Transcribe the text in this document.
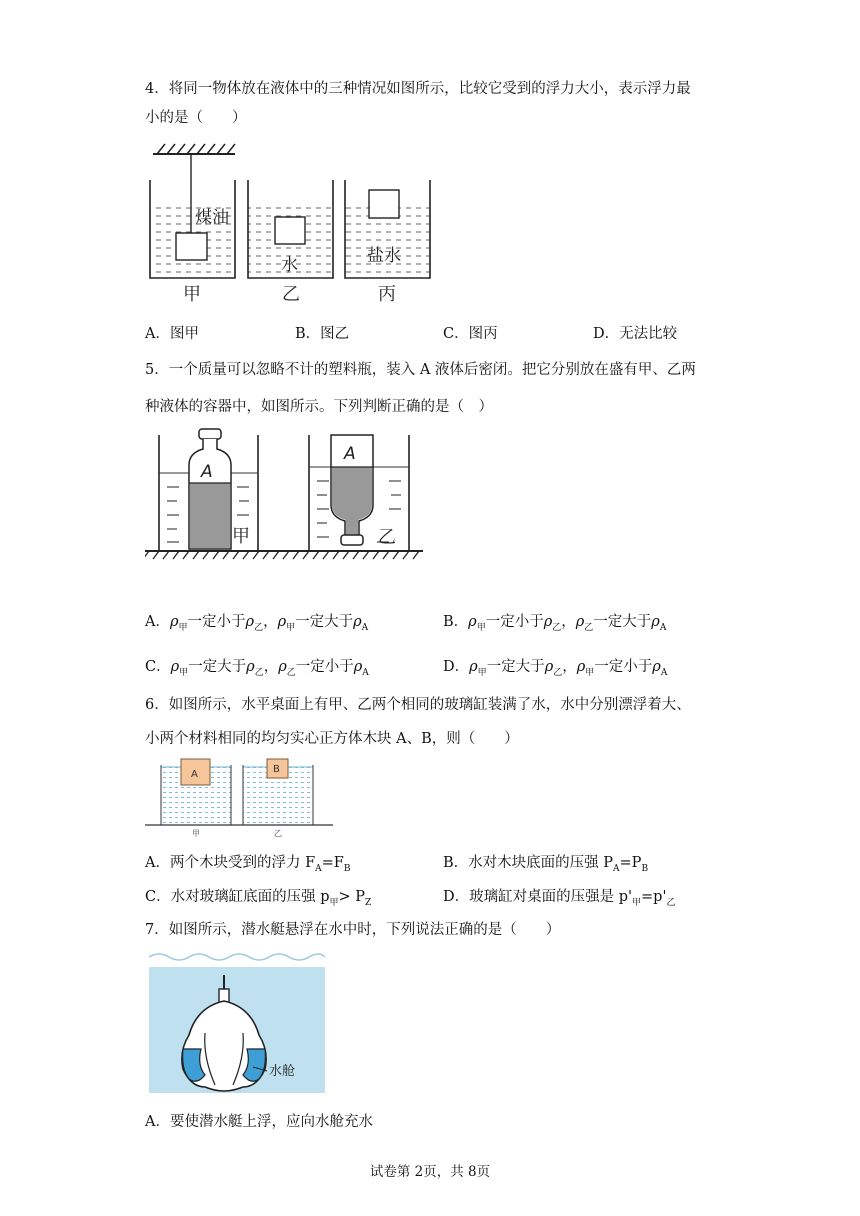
4．将同一物体放在液体中的三种情况如图所示，比较它受到的浮力大小，表示浮力最
小的是（　　）
煤油
水	盐水
甲	乙	丙
A．图甲	B．图乙	C．图丙	D．无法比较
5．一个质量可以忽略不计的塑料瓶，装入 A 液体后密闭。把它分别放在盛有甲、乙两
种液体的容器中，如图所示。下列判断正确的是（　）
A
甲
A
乙
A．$\rho_甲$一定小于$\rho_乙$，$\rho_甲$一定大于$\rho_A$	B．$\rho_甲$一定小于$\rho_乙$，$\rho_乙$一定大于$\rho_A$
C．$\rho_甲$一定大于$\rho_乙$，$\rho_乙$一定小于$\rho_A$	D．$\rho_甲$一定大于$\rho_乙$，$\rho_甲$一定小于$\rho_A$
6．如图所示，水平桌面上有甲、乙两个相同的玻璃缸装满了水，水中分别漂浮着大、
小两个材料相同的均匀实心正方体木块 A、B，则（　　）
A	B
甲	乙
A．两个木块受到的浮力 $F_A=F_B$	B．水对木块底面的压强 $P_A=P_B$
C．水对玻璃缸底面的压强 $p_甲> P_Z$	D．玻璃缸对桌面的压强是 $p'_甲=p'_乙$
7．如图所示，潜水艇悬浮在水中时，下列说法正确的是（　　）
水舱
A．要使潜水艇上浮，应向水舱充水
试卷第 2页，共 8页
